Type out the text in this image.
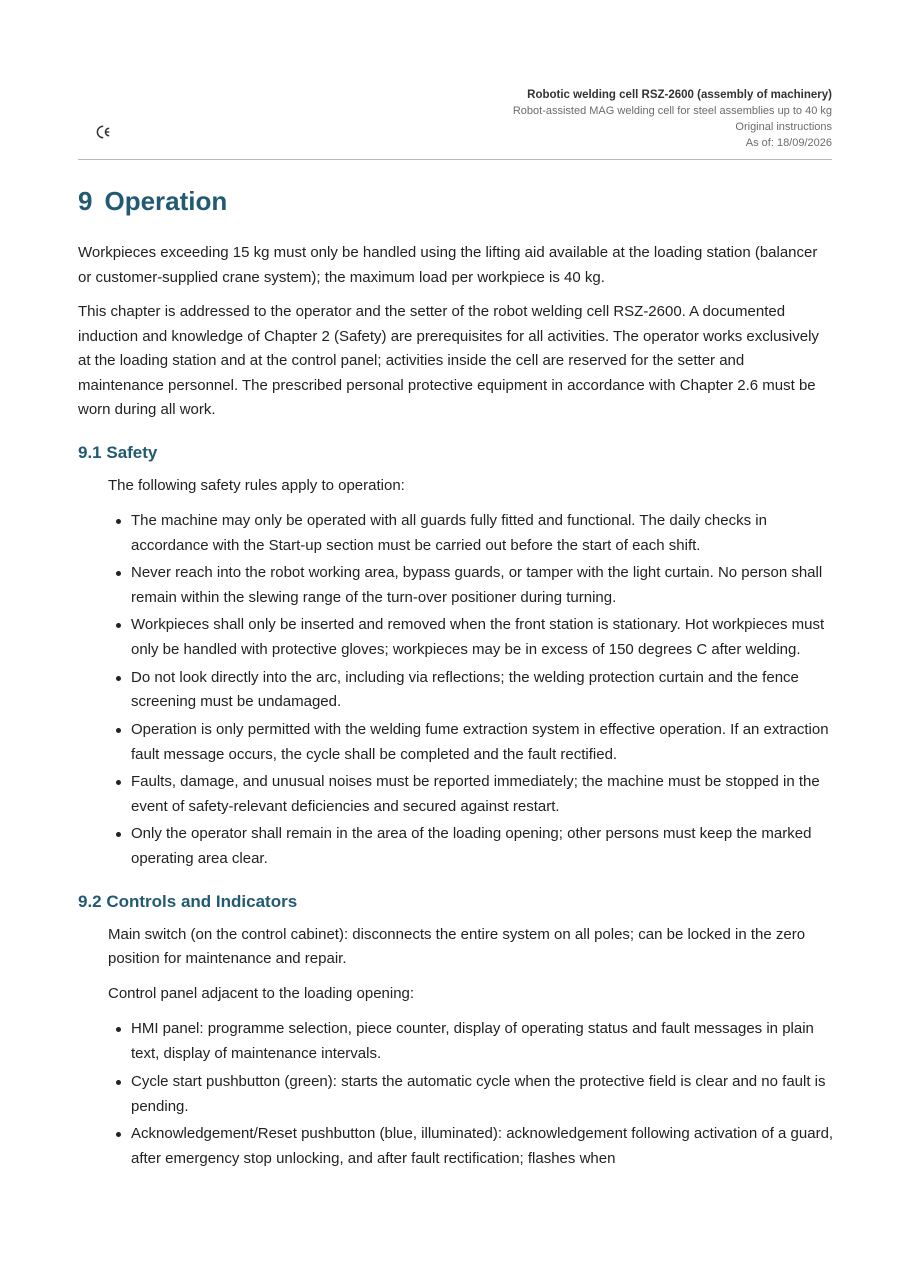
Robotic welding cell RSZ-2600 (assembly of machinery)
Robot-assisted MAG welding cell for steel assemblies up to 40 kg
Original instructions
As of: 18/09/2026
9 Operation

Workpieces exceeding 15 kg must only be handled using the lifting aid available at the loading station (balancer or customer-supplied crane system); the maximum load per workpiece is 40 kg.

This chapter is addressed to the operator and the setter of the robot welding cell RSZ-2600. A documented induction and knowledge of Chapter 2 (Safety) are prerequisites for all activities. The operator works exclusively at the loading station and at the control panel; activities inside the cell are reserved for the setter and maintenance personnel. The prescribed personal protective equipment in accordance with Chapter 2.6 must be worn during all work.

9.1 Safety

The following safety rules apply to operation:

The machine may only be operated with all guards fully fitted and functional. The daily checks in accordance with the Start-up section must be carried out before the start of each shift.
Never reach into the robot working area, bypass guards, or tamper with the light curtain. No person shall remain within the slewing range of the turn-over positioner during turning.
Workpieces shall only be inserted and removed when the front station is stationary. Hot workpieces must only be handled with protective gloves; workpieces may be in excess of 150 degrees C after welding.
Do not look directly into the arc, including via reflections; the welding protection curtain and the fence screening must be undamaged.
Operation is only permitted with the welding fume extraction system in effective operation. If an extraction fault message occurs, the cycle shall be completed and the fault rectified.
Faults, damage, and unusual noises must be reported immediately; the machine must be stopped in the event of safety-relevant deficiencies and secured against restart.
Only the operator shall remain in the area of the loading opening; other persons must keep the marked operating area clear.
9.2 Controls and Indicators

Main switch (on the control cabinet): disconnects the entire system on all poles; can be locked in the zero position for maintenance and repair.

Control panel adjacent to the loading opening:

HMI panel: programme selection, piece counter, display of operating status and fault messages in plain text, display of maintenance intervals.
Cycle start pushbutton (green): starts the automatic cycle when the protective field is clear and no fault is pending.
Acknowledgement/Reset pushbutton (blue, illuminated): acknowledgement following activation of a guard, after emergency stop unlocking, and after fault rectification; flashes when
